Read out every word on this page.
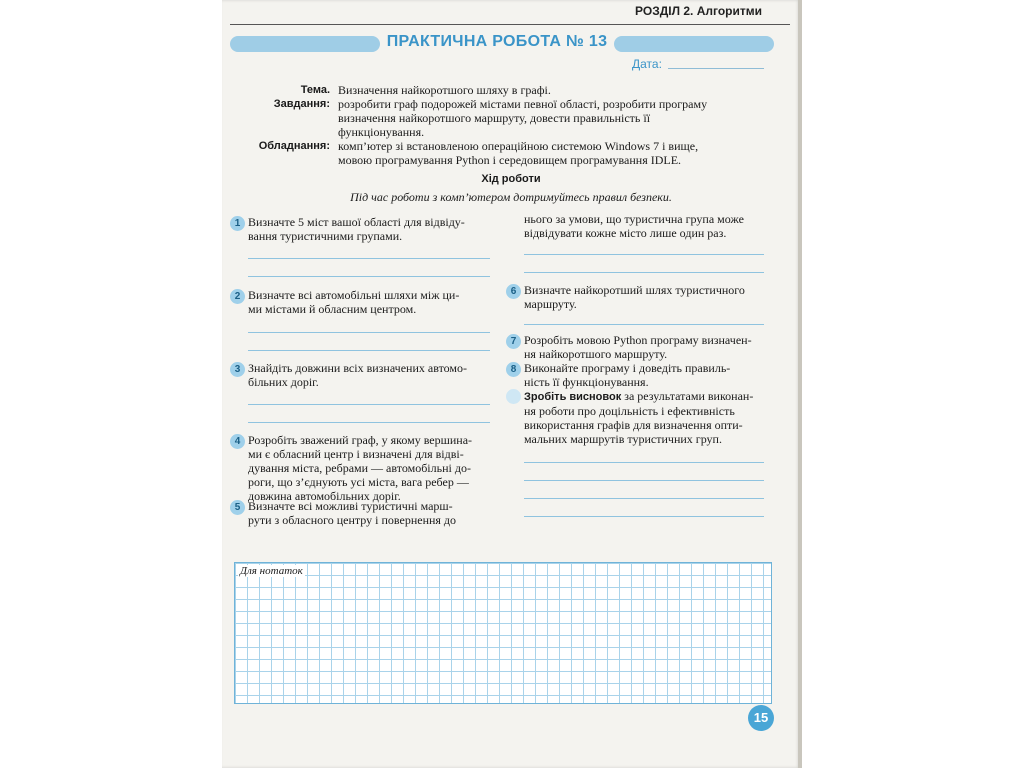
РОЗДІЛ 2. Алгоритми
ПРАКТИЧНА РОБОТА № 13
Дата:
Тема. Визначення найкоротшого шляху в графі.
Завдання: розробити граф подорожей містами певної області, розробити програму
визначення найкоротшого маршруту, довести правильність її
функціонування.
Обладнання: комп’ютер зі встановленою операційною системою Windows 7 і вище,
мовою програмування Python і середовищем програмування IDLE.
Хід роботи
Під час роботи з комп’ютером дотримуйтесь правил безпеки.
1 Визначте 5 міст вашої області для відвіду-
вання туристичними групами.
2 Визначте всі автомобільні шляхи між ци-
ми містами й обласним центром.
3 Знайдіть довжини всіх визначених автомо-
більних доріг.
4 Розробіть зважений граф, у якому вершина-
ми є обласний центр і визначені для відві-
дування міста, ребрами — автомобільні до-
роги, що з’єднують усі міста, вага ребер —
довжина автомобільних доріг.
5 Визначте всі можливі туристичні марш-
рути з обласного центру і повернення до
нього за умови, що туристична група може
відвідувати кожне місто лише один раз.
6 Визначте найкоротший шлях туристичного
маршруту.
7 Розробіть мовою Python програму визначен-
ня найкоротшого маршруту.
8 Виконайте програму і доведіть правиль-
ність її функціонування.
Зробіть висновок за результатами виконан-
ня роботи про доцільність і ефективність
використання графів для визначення опти-
мальних маршрутів туристичних груп.
Для нотаток
15
